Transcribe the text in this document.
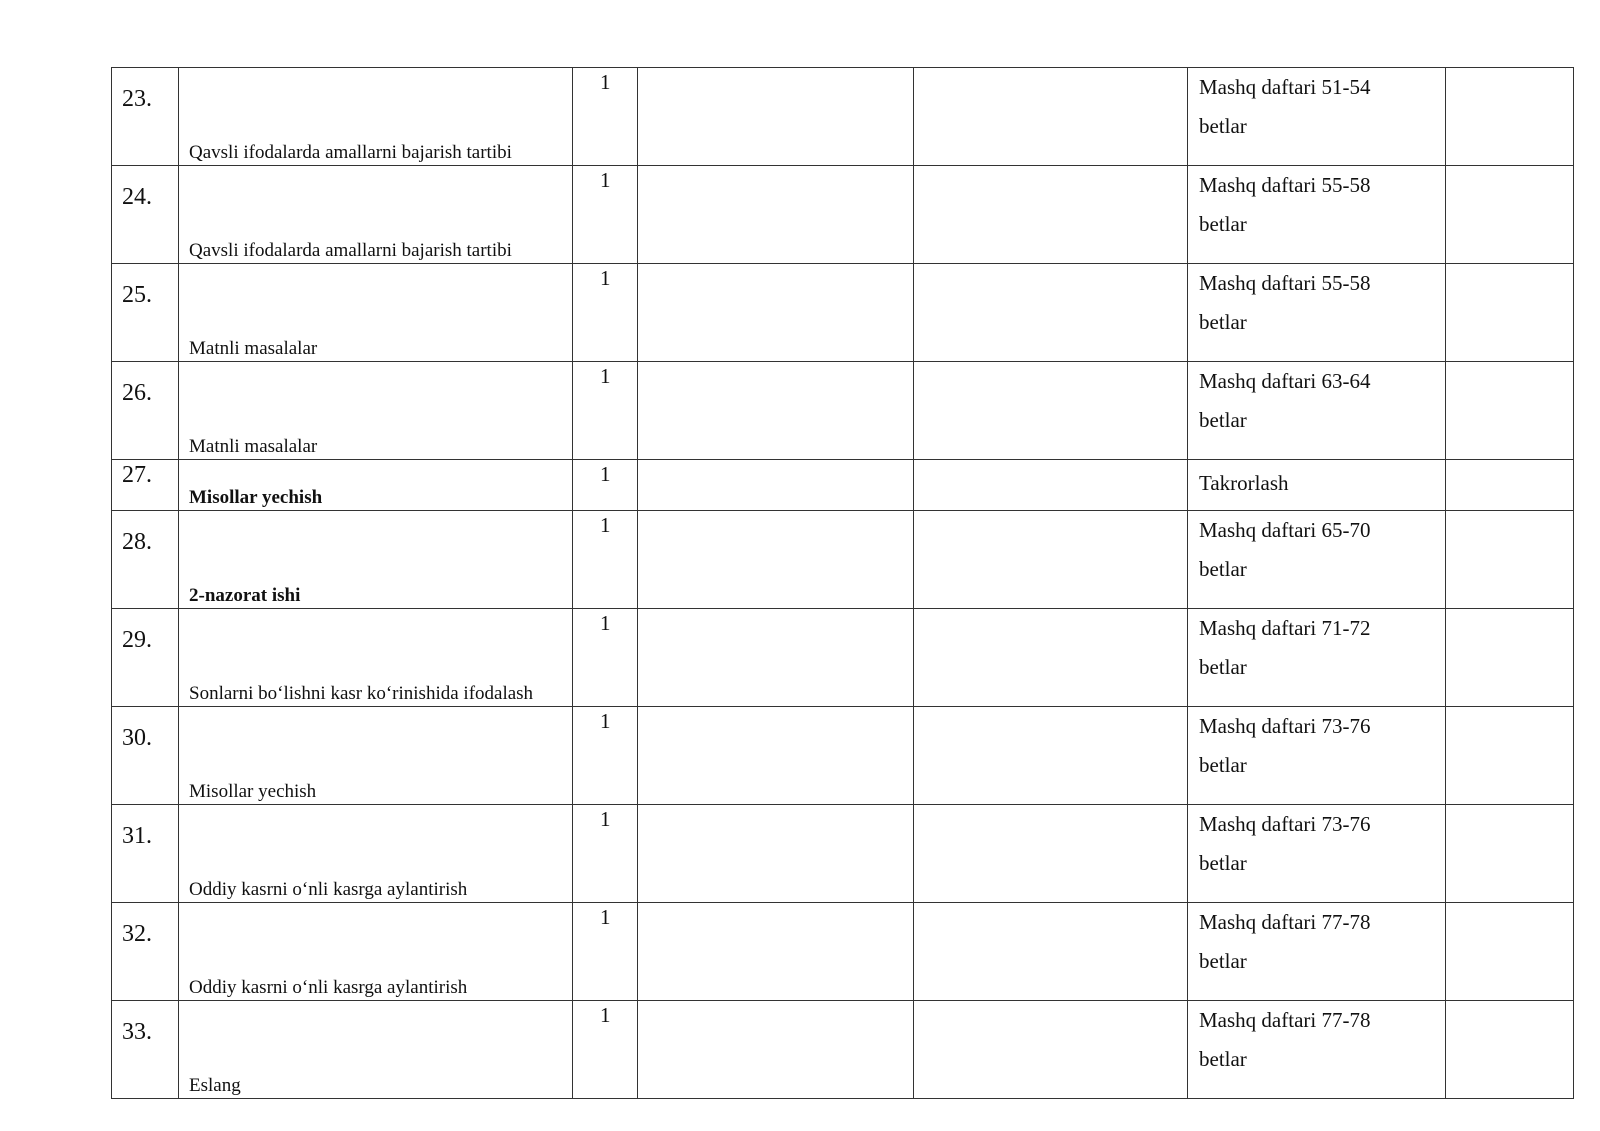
23.	Qavsli ifodalarda amallarni bajarish tartibi	1			Mashq daftari 51-54
betlar	

24.	Qavsli ifodalarda amallarni bajarish tartibi	1			Mashq daftari 55-58
betlar	

25.	Matnli masalalar	1			Mashq daftari 55-58
betlar	

26.	Matnli masalalar	1			Mashq daftari 63-64
betlar	

27.	Misollar yechish	1			Takrorlash	

28.	2-nazorat ishi	1			Mashq daftari 65-70
betlar	

29.	Sonlarni bo‘lishni kasr ko‘rinishida ifodalash	1			Mashq daftari 71-72
betlar	

30.	Misollar yechish	1			Mashq daftari 73-76
betlar	

31.	Oddiy kasrni o‘nli kasrga aylantirish	1			Mashq daftari 73-76
betlar	

32.	Oddiy kasrni o‘nli kasrga aylantirish	1			Mashq daftari 77-78
betlar	

33.	Eslang	1			Mashq daftari 77-78
betlar	
